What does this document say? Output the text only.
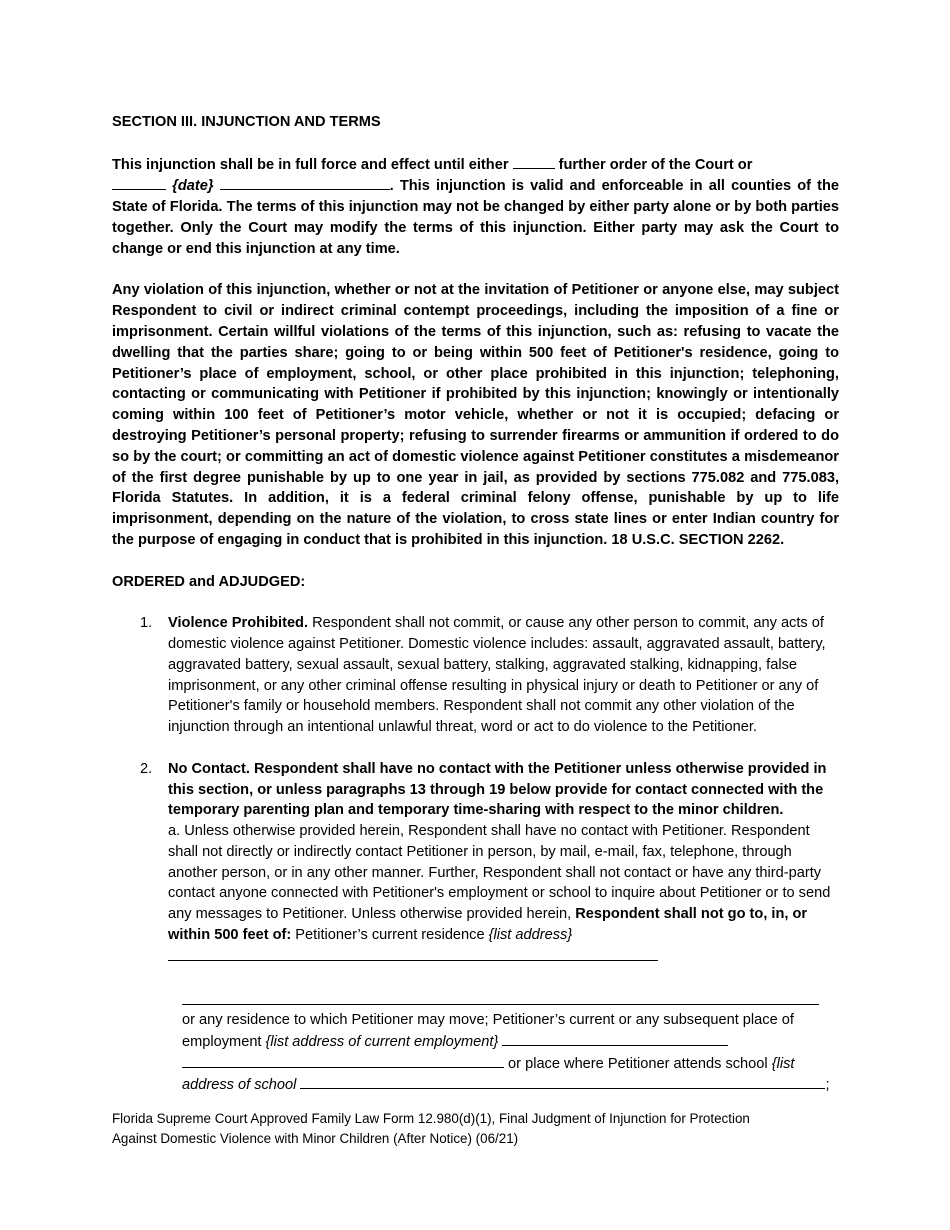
SECTION III. INJUNCTION AND TERMS

This injunction shall be in full force and effect until either	further order of the Court or

{date}	. This injunction is valid and enforceable in all counties of the State of Florida. The terms of this injunction may not be changed by either party alone or by both parties together. Only the Court may modify the terms of this injunction. Either party may ask the Court to change or end this injunction at any time.

Any violation of this injunction, whether or not at the invitation of Petitioner or anyone else, may subject Respondent to civil or indirect criminal contempt proceedings, including the imposition of a fine or imprisonment. Certain willful violations of the terms of this injunction, such as: refusing to vacate the dwelling that the parties share; going to or being within 500 feet of Petitioner's residence, going to Petitioner’s place of employment, school, or other place prohibited in this injunction; telephoning, contacting or communicating with Petitioner if prohibited by this injunction; knowingly or intentionally coming within 100 feet of Petitioner’s motor vehicle, whether or not it is occupied; defacing or destroying Petitioner’s personal property; refusing to surrender firearms or ammunition if ordered to do so by the court; or committing an act of domestic violence against Petitioner constitutes a misdemeanor of the first degree punishable by up to one year in jail, as provided by sections 775.082 and 775.083, Florida Statutes. In addition, it is a federal criminal felony offense, punishable by up to life imprisonment, depending on the nature of the violation, to cross state lines or enter Indian country for the purpose of engaging in conduct that is prohibited in this injunction. 18 U.S.C. SECTION 2262.

ORDERED and ADJUDGED:

1. Violence Prohibited. Respondent shall not commit, or cause any other person to commit, any acts of domestic violence against Petitioner. Domestic violence includes: assault, aggravated assault, battery, aggravated battery, sexual assault, sexual battery, stalking, aggravated stalking, kidnapping, false imprisonment, or any other criminal offense resulting in physical injury or death to Petitioner or any of Petitioner's family or household members. Respondent shall not commit any other violation of the injunction through an intentional unlawful threat, word or act to do violence to the Petitioner.
2. No Contact. Respondent shall have no contact with the Petitioner unless otherwise provided in this section, or unless paragraphs 13 through 19 below provide for contact connected with the temporary parenting plan and temporary time-sharing with respect to the minor children.
a. Unless otherwise provided herein, Respondent shall have no contact with Petitioner. Respondent shall not directly or indirectly contact Petitioner in person, by mail, e-mail, fax, telephone, through another person, or in any other manner. Further, Respondent shall not contact or have any third-party contact anyone connected with Petitioner's employment or school to inquire about Petitioner or to send any messages to Petitioner. Unless otherwise provided herein, Respondent shall not go to, in, or within 500 feet of: Petitioner’s current residence {list address}
or any residence to which Petitioner may move; Petitioner’s current or any subsequent place of employment {list address of current employment}
or place where Petitioner attends school {list
address of school	;
Florida Supreme Court Approved Family Law Form 12.980(d)(1), Final Judgment of Injunction for Protection
Against Domestic Violence with Minor Children (After Notice) (06/21)
